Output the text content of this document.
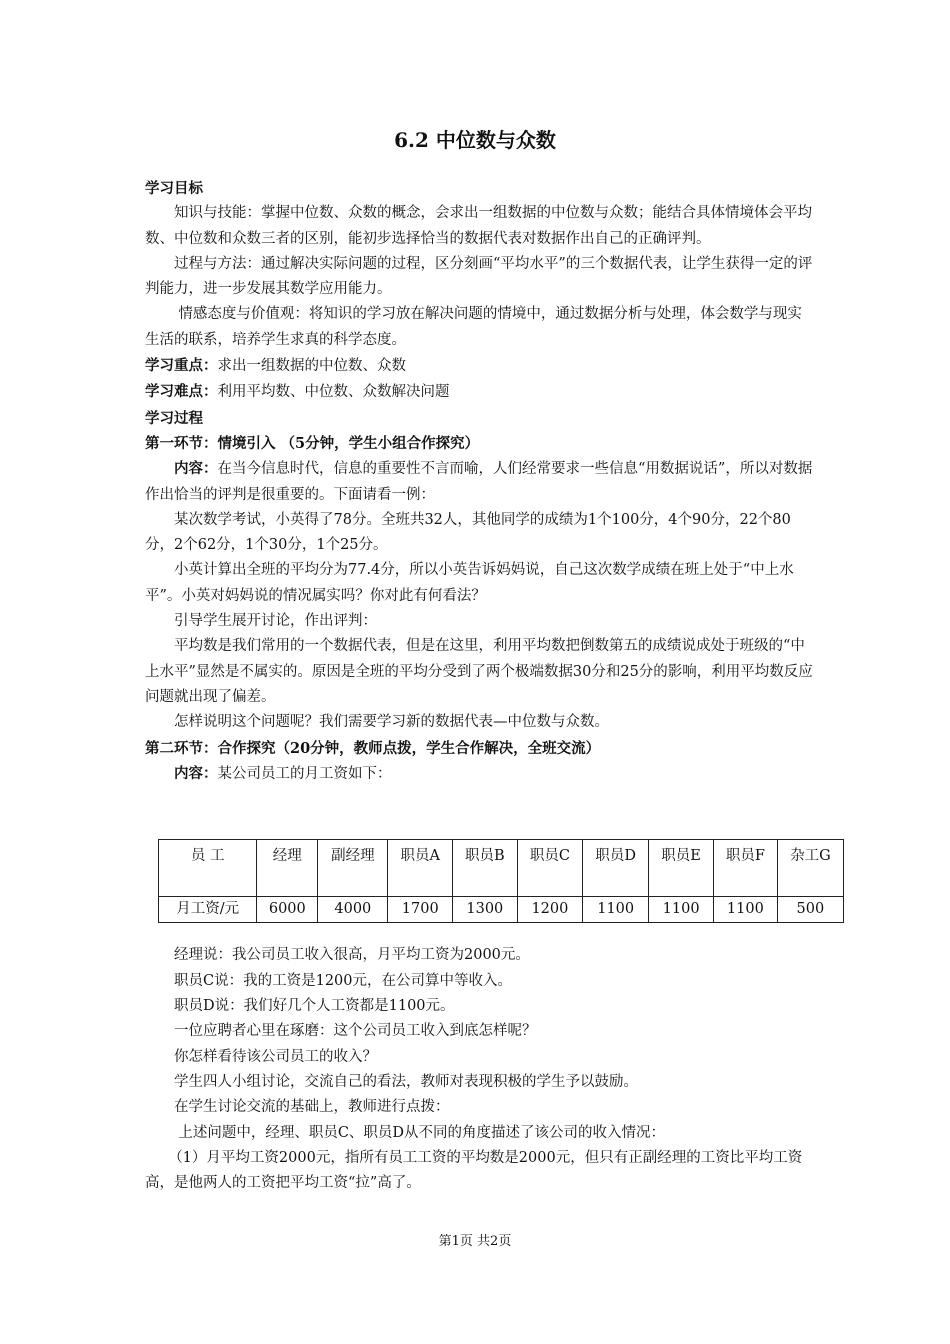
6.2 中位数与众数

学习目标

知识与技能：掌握中位数、众数的概念，会求出一组数据的中位数与众数；能结合具体情境体会平均数、中位数和众数三者的区别，能初步选择恰当的数据代表对数据作出自己的正确评判。

过程与方法：通过解决实际问题的过程，区分刻画“平均水平”的三个数据代表，让学生获得一定的评判能力，进一步发展其数学应用能力。

情感态度与价值观：将知识的学习放在解决问题的情境中，通过数据分析与处理，体会数学与现实生活的联系，培养学生求真的科学态度。

学习重点：求出一组数据的中位数、众数

学习难点：利用平均数、中位数、众数解决问题

学习过程

第一环节：情境引入 （5分钟，学生小组合作探究）

内容：在当今信息时代，信息的重要性不言而喻，人们经常要求一些信息“用数据说话”，所以对数据作出恰当的评判是很重要的。下面请看一例：

某次数学考试，小英得了78分。全班共32人，其他同学的成绩为1个100分，4个90分，22个80分，2个62分，1个30分，1个25分。

小英计算出全班的平均分为77.4分，所以小英告诉妈妈说，自己这次数学成绩在班上处于“中上水平”。小英对妈妈说的情况属实吗？你对此有何看法？

引导学生展开讨论，作出评判：

平均数是我们常用的一个数据代表，但是在这里，利用平均数把倒数第五的成绩说成处于班级的“中上水平”显然是不属实的。原因是全班的平均分受到了两个极端数据30分和25分的影响，利用平均数反应问题就出现了偏差。

怎样说明这个问题呢？我们需要学习新的数据代表—中位数与众数。

第二环节：合作探究（20分钟，教师点拨，学生合作解决，全班交流）

内容：某公司员工的月工资如下：

员 工	经理	副经理	职员A	职员B	职员C	职员D	职员E	职员F	杂工G
月工资/元	6000	4000	1700	1300	1200	1100	1100	1100	500

经理说：我公司员工收入很高，月平均工资为2000元。

职员C说：我的工资是1200元，在公司算中等收入。

职员D说：我们好几个人工资都是1100元。

一位应聘者心里在琢磨：这个公司员工收入到底怎样呢？

你怎样看待该公司员工的收入？

学生四人小组讨论，交流自己的看法，教师对表现积极的学生予以鼓励。

在学生讨论交流的基础上，教师进行点拨：

上述问题中，经理、职员C、职员D从不同的角度描述了该公司的收入情况：

（1）月平均工资2000元，指所有员工工资的平均数是2000元，但只有正副经理的工资比平均工资高，是他两人的工资把平均工资“拉”高了。

第1页 共2页
